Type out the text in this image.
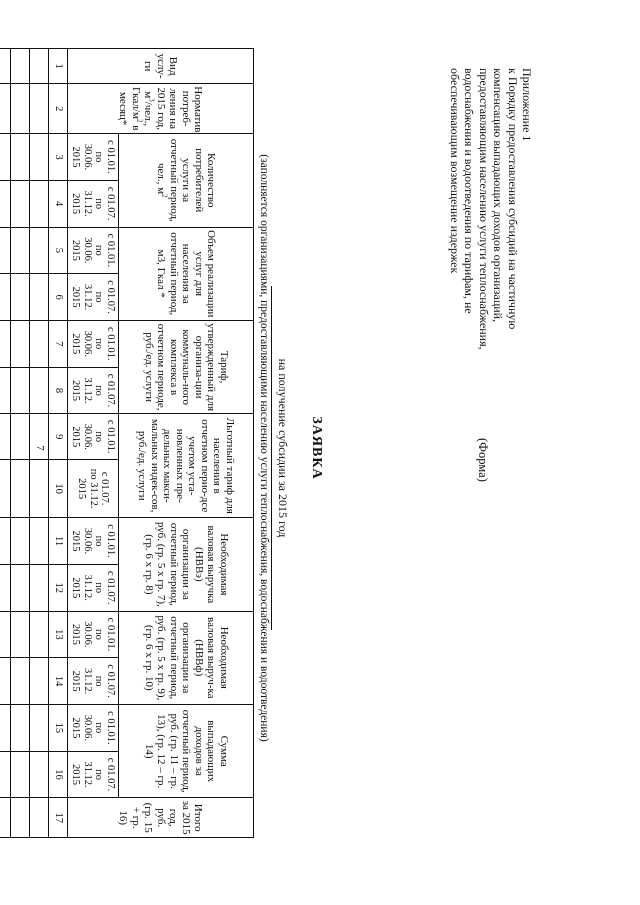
7
Приложение 1
к Порядку предоставления субсидий на частичную
компенсацию выпадающих доходов организаций,
предоставляющим населению услуги теплоснабжения,
водоснабжения и водоотведения по тарифам, не
обеспечивающим возмещение издержек
(Форма)
ЗАЯВКА
на получение субсидии за 2015 год
(заполняется организациями, предоставляющими населению услуги теплоснабжения, водоснабжения и водоотведения)
Вид услу-ги	Норматив потреб-ления на 2015 год, $м^3$/чел., Гкал/$м^2$ в месяц*	Количество потребителей услуги за отчетный период, чел., $м^2$		Объем реализации услуг для населения за отчетный период, м3, Гкал *		Тариф, утвержденный для организа-ции коммуналь-ного комплекса в отчетном периоде, руб./ед. услуги		Льготный тариф для населения в отчетном перио-дсе учетом уста-новленных пре-дельных макси-мальных индек-сов, руб./ед. услуги		Необходимая валовая выручка (НВВэ) организации за отчетный период, руб. (гр. 5 х гр. 7), (гр. 6 х гр. 8)		Необходимая валовая выруч-ка (НВВф) организации за отчетный период, руб. (гр. 5 х гр. 9), (гр. 6 х гр. 10)		Сумма выпадающих доходов за отчетный период, руб. (гр. 11 – гр. 13), (гр. 12 – гр. 14)		Итого за 2015 год, руб. (гр. 15 + гр. 16)
		с 01.01.
по
30.06.
2015	с 01.07.
по
31.12.
2015	с 01.01.
по
30.06.
2015	с 01.07.
по
31.12.
2015	с 01.01.
по
30.06.
2015	с 01.07.
по
31.12.
2015	с 01.01.
по
30.06.
2015	с 01.07.
по 31.12.
2015	с 01.01.
по
30.06.
2015	с 01.07.
по
31.12.
2015	с 01.01.
по
30.06.
2015	с 01.07.
по
31.12.
2015	с 01.01.
по
30.06.
2015	с 01.07.
по
31.12.
2015	
1	2	3	4	5	6	7	8	9	10	11	12	13	14	15	16	17
